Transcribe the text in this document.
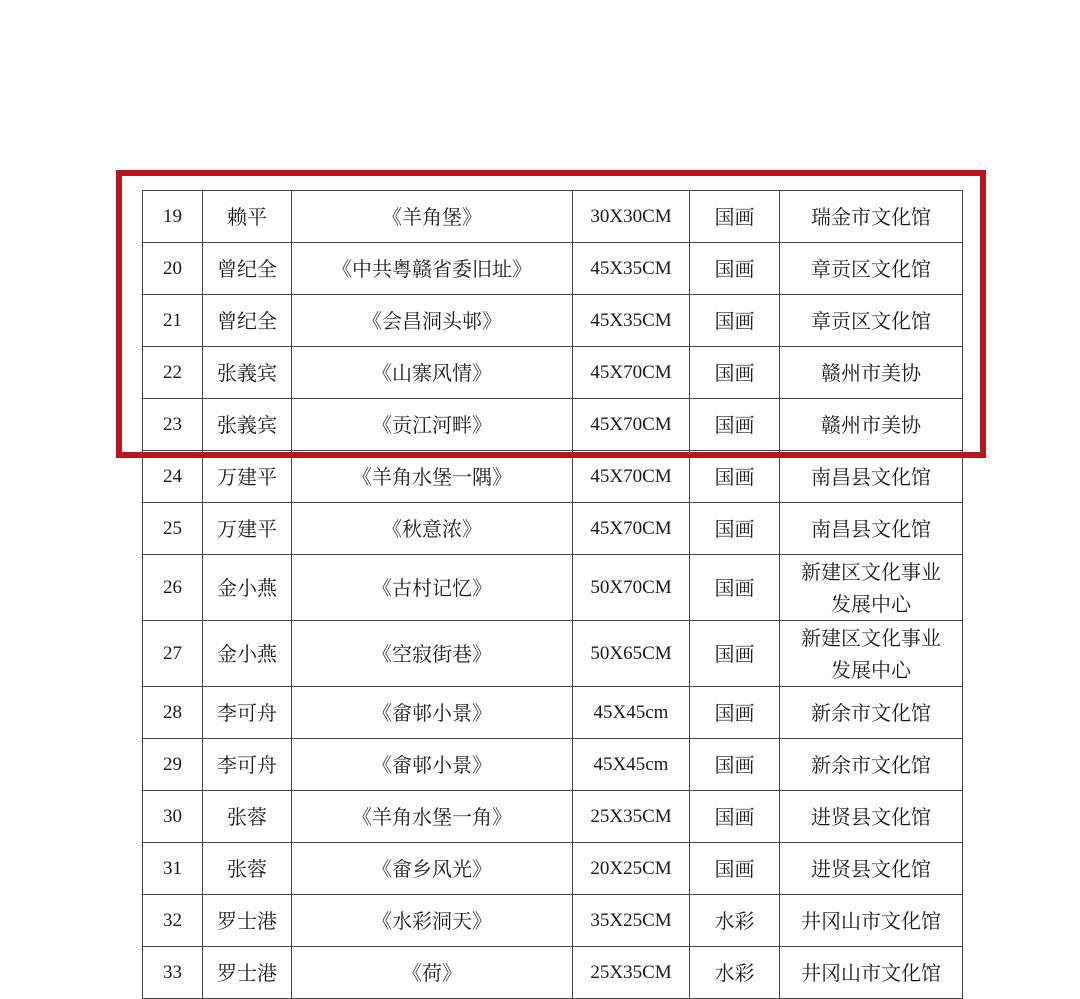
19	赖平	《羊角堡》	30X30CM	国画	瑞金市文化馆
20	曾纪全	《中共粤赣省委旧址》	45X35CM	国画	章贡区文化馆
21	曾纪全	《会昌洞头邨》	45X35CM	国画	章贡区文化馆
22	张義宾	《山寨风情》	45X70CM	国画	赣州市美协
23	张義宾	《贡江河畔》	45X70CM	国画	赣州市美协
24	万建平	《羊角水堡一隅》	45X70CM	国画	南昌县文化馆
25	万建平	《秋意浓》	45X70CM	国画	南昌县文化馆
26	金小燕	《古村记忆》	50X70CM	国画	新建区文化事业
发展中心

27	金小燕	《空寂街巷》	50X65CM	国画	新建区文化事业
发展中心

28	李可舟	《畲邨小景》	45X45cm	国画	新余市文化馆
29	李可舟	《畲邨小景》	45X45cm	国画	新余市文化馆
30	张蓉	《羊角水堡一角》	25X35CM	国画	进贤县文化馆
31	张蓉	《畲乡风光》	20X25CM	国画	进贤县文化馆
32	罗士港	《水彩洞天》	35X25CM	水彩	井冈山市文化馆
33	罗士港	《荷》	25X35CM	水彩	井冈山市文化馆
